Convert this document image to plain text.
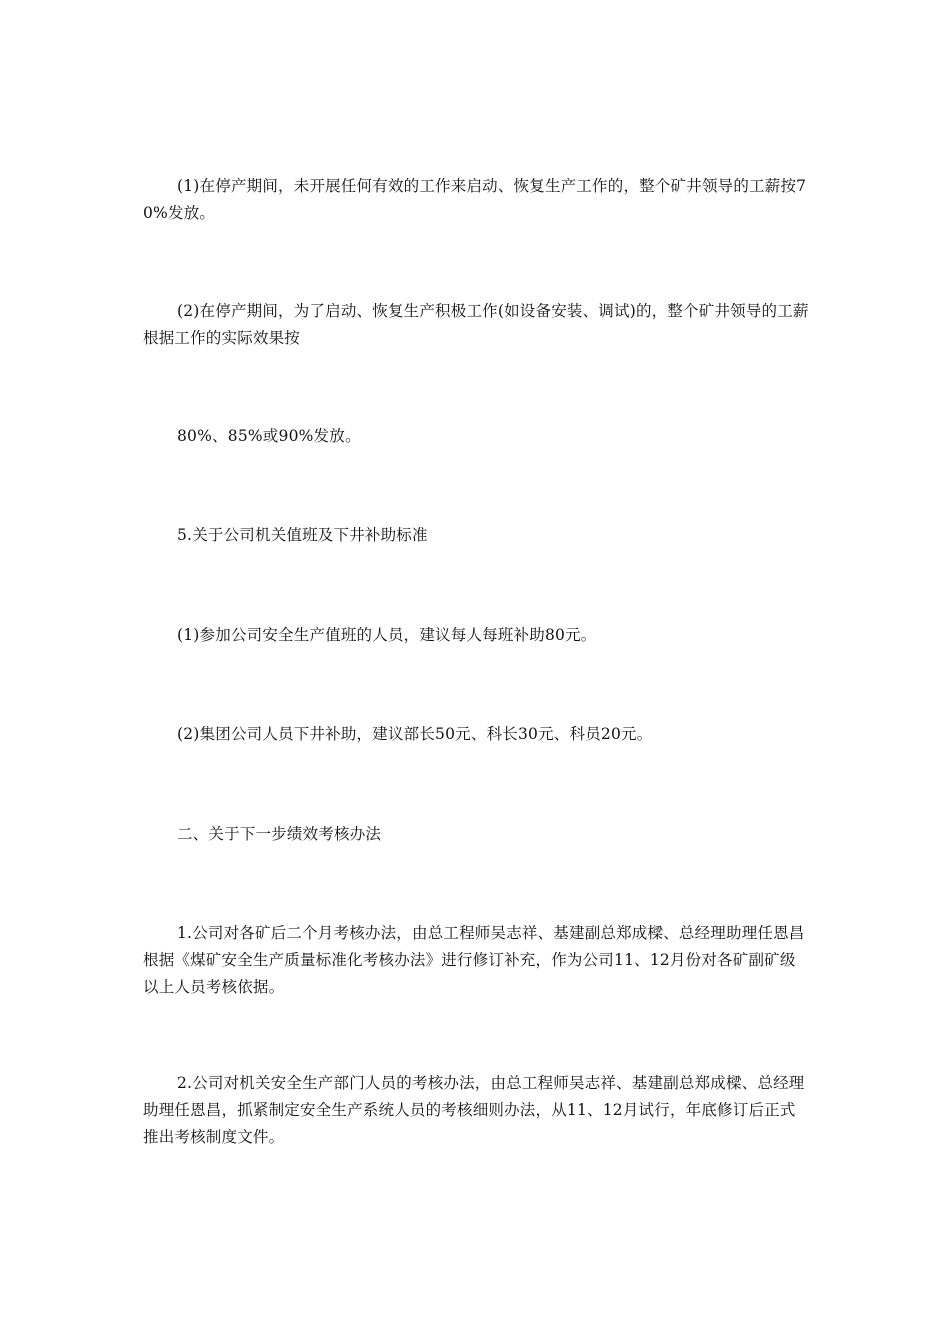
(1)在停产期间，未开展任何有效的工作来启动、恢复生产工作的，整个矿井领导的工薪按70%发放。

(2)在停产期间，为了启动、恢复生产积极工作(如设备安装、调试)的，整个矿井领导的工薪根据工作的实际效果按

80%、85%或90%发放。

5.关于公司机关值班及下井补助标准

(1)参加公司安全生产值班的人员，建议每人每班补助80元。

(2)集团公司人员下井补助，建议部长50元、科长30元、科员20元。

二、关于下一步绩效考核办法

1.公司对各矿后二个月考核办法，由总工程师吴志祥、基建副总郑成樑、总经理助理任恩昌根据《煤矿安全生产质量标准化考核办法》进行修订补充，作为公司11、12月份对各矿副矿级以上人员考核依据。

2.公司对机关安全生产部门人员的考核办法，由总工程师吴志祥、基建副总郑成樑、总经理助理任恩昌，抓紧制定安全生产系统人员的考核细则办法，从11、12月试行，年底修订后正式推出考核制度文件。
